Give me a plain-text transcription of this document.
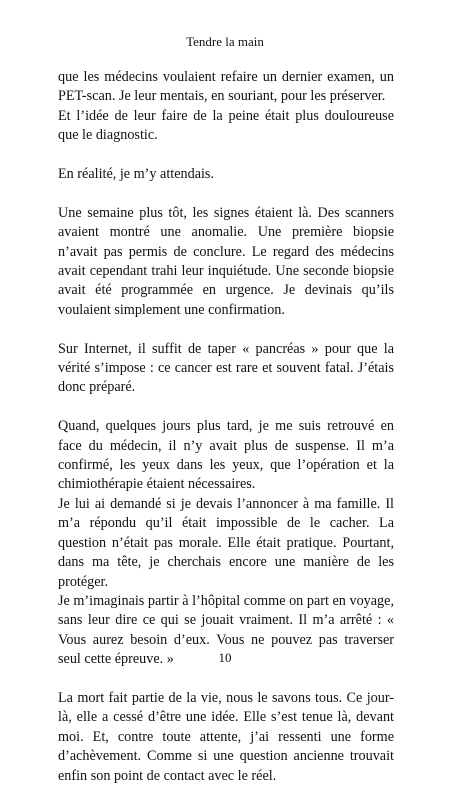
Tendre la main

que les médecins voulaient refaire un dernier examen, un PET-scan. Je leur mentais, en souriant, pour les préserver.

Et l’idée de leur faire de la peine était plus douloureuse que le diagnostic.

En réalité, je m’y attendais.

Une semaine plus tôt, les signes étaient là. Des scanners avaient montré une anomalie. Une première biopsie n’avait pas permis de conclure. Le regard des médecins avait cependant trahi leur inquiétude. Une seconde biopsie avait été programmée en urgence. Je devinais qu’ils voulaient simplement une confirmation.

Sur Internet, il suffit de taper « pancréas » pour que la vérité s’impose : ce cancer est rare et souvent fatal. J’étais donc préparé.

Quand, quelques jours plus tard, je me suis retrouvé en face du médecin, il n’y avait plus de suspense. Il m’a confirmé, les yeux dans les yeux, que l’opération et la chimiothérapie étaient nécessaires.

Je lui ai demandé si je devais l’annoncer à ma famille. Il m’a répondu qu’il était impossible de le cacher. La question n’était pas morale. Elle était pratique. Pourtant, dans ma tête, je cherchais encore une manière de les protéger.

Je m’imaginais partir à l’hôpital comme on part en voyage, sans leur dire ce qui se jouait vraiment. Il m’a arrêté : « Vous aurez besoin d’eux. Vous ne pouvez pas traverser seul cette épreuve. »

La mort fait partie de la vie, nous le savons tous. Ce jour-là, elle a cessé d’être une idée. Elle s’est tenue là, devant moi. Et, contre toute attente, j’ai ressenti une forme d’achèvement. Comme si une question ancienne trouvait enfin son point de contact avec le réel.

10
